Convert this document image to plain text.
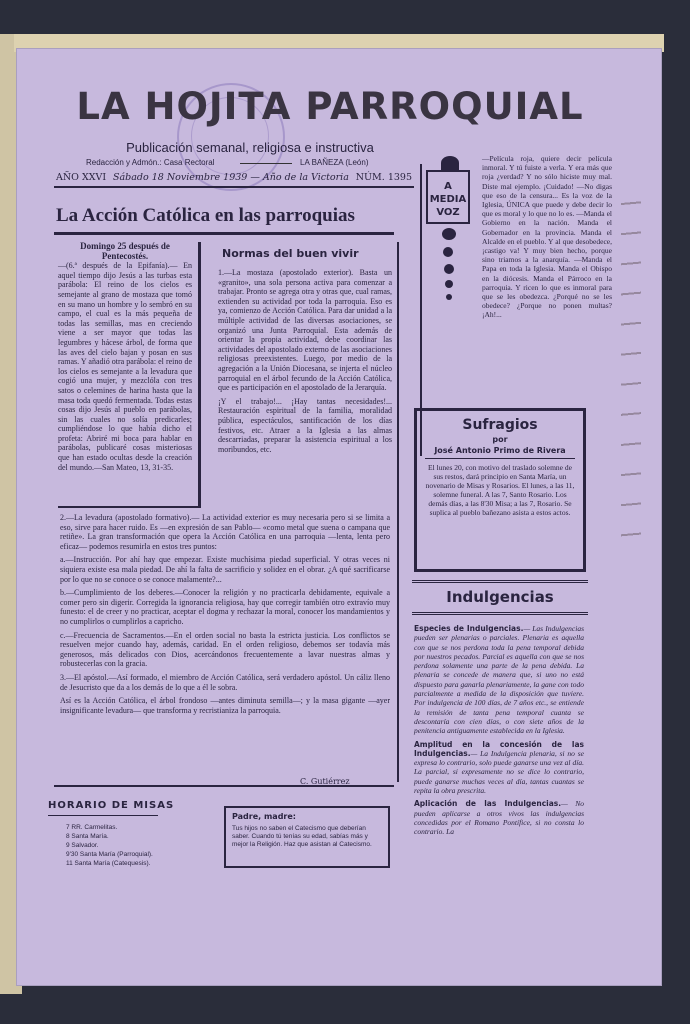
LA HOJITA PARROQUIAL
Publicación semanal, religiosa e instructiva
Redacción y Admón.: Casa Rectoral	LA BAÑEZA (León)
AÑO XXVI Sábado 18 Noviembre 1939 — Año de la Victoria NÚM. 1395
La Acción Católica en las parroquias

Domingo 25 después de Pentecostés.
—(6.ª después de la Epifanía).— En aquel tiempo dijo Jesús a las turbas esta parábola: El reino de los cielos es semejante al grano de mostaza que tomó en su mano un hombre y lo sembró en su campo, el cual es la más pequeña de todas las semillas, mas en creciendo viene a ser mayor que todas las legumbres y hácese árbol, de forma que las aves del cielo bajan y posan en sus ramas. Y añadió otra parábola: el reino de los cielos es semejante a la levadura que cogió una mujer, y mezclóla con tres satos o celemines de harina hasta que la masa toda quedó fermentada. Todas estas cosas dijo Jesús al pueblo en parábolas, sin las cuales no solía predicarles; cumpliéndose lo que había dicho el profeta: Abriré mi boca para hablar en parábolas, publicaré cosas misteriosas que han estado ocultas desde la creación del mundo.—San Mateo, 13, 31-35.

Normas del buen vivir

1.—La mostaza (apostolado exterior). Basta un «granito», una sola persona activa para comenzar a trabajar. Pronto se agrega otra y otras que, cual ramas, extienden su actividad por toda la parroquia. Eso es ya, comienzo de Acción Católica. Para dar unidad a la múltiple actividad de las diversas asociaciones, se organizó una Junta Parroquial. Esta además de orientar la propia actividad, debe coordinar las actividades del apostolado externo de las asociaciones religiosas preexistentes. Luego, por medio de la agregación a la Unión Diocesana, se injerta el núcleo parroquial en el árbol fecundo de la Acción Católica, que es participación en el apostolado de la Jerarquía.

¡Y el trabajo!... ¡Hay tantas necesidades!... Restauración espiritual de la familia, moralidad pública, espectáculos, santificación de los días festivos, etc. Atraer a la Iglesia a las almas descarriadas, preparar la asistencia espiritual a los moribundos, etc.

2.—La levadura (apostolado formativo).— La actividad exterior es muy necesaria pero si se limita a eso, sirve para hacer ruido. Es —en expresión de san Pablo— «como metal que suena o campana que retiñe». La gran transformación que opera la Acción Católica en una parroquia —lenta, lenta pero eficaz— podemos resumirla en estos tres puntos:

a.—Instrucción. Por ahí hay que empezar. Existe muchísima piedad superficial. Y otras veces ni siquiera existe esa mala piedad. De ahí la falta de sacrificio y solidez en el obrar. ¿A qué sacrificarse por lo que no se conoce o se conoce malamente?...

b.—Cumplimiento de los deberes.—Conocer la religión y no practicarla debidamente, equivale a comer pero sin digerir. Corregida la ignorancia religiosa, hay que corregir también otro extravío muy funesto: el de creer y no practicar, aceptar el dogma y rechazar la moral, conocer los mandamientos y no cumplirlos o cumplirlos a capricho.

c.—Frecuencia de Sacramentos.—En el orden social no basta la estricta justicia. Los conflictos se resuelven mejor cuando hay, además, caridad. En el orden religioso, debemos ser todavía más generosos, más delicados con Dios, acercándonos frecuentemente a lavar nuestras almas y robustecerlas con la gracia.

3.—El apóstol.—Así formado, el miembro de Acción Católica, será verdadero apóstol. Un cáliz lleno de Jesucristo que da a los demás de lo que a él le sobra.

Así es la Acción Católica, el árbol frondoso —antes diminuta semilla—; y la masa gigante —ayer insignificante levadura— que transforma y recristianiza la parroquia.

C. Gutiérrez
HORARIO DE MISAS
7 RR. Carmelitas.
8 Santa María.
9 Salvador.
9'30 Santa María (Parroquial).
11 Santa María (Catequesis).
Padre, madre:
Tus hijos no saben el Catecismo que deberían saber. Cuando tú tenías su edad, sabías más y mejor la Religión. Haz que asistan al Catecismo.
A
MEDIA
VOZ

—Película roja, quiere decir película inmoral. Y tú fuiste a verla. Y era más que roja ¿verdad? Y no sólo hiciste muy mal. Diste mal ejemplo. ¡Cuidado! —No digas que eso de la censura... Es la voz de la Iglesia, ÚNICA que puede y debe decir lo que es moral y lo que no lo es. —Manda el Gobierno en la nación. Manda el Gobernador en la provincia. Manda el Alcalde en el pueblo. Y al que desobedece, ¡castigo va! Y muy bien hecho, porque sino triamos a la anarquía. —Manda el Papa en toda la Iglesia. Manda el Obispo en la diócesis. Manda el Párroco en la parroquia. Y ricen lo que es inmoral para que se les obedezca. ¿Porqué no se les obedece? ¿Porque no ponen multas? ¡Ah!...

Sufragios
por
José Antonio Primo de Rivera

El lunes 20, con motivo del traslado solemne de sus restos, dará principio en Santa María, un novenario de Misas y Rosarios. El lunes, a las 11, solemne funeral. A las 7, Santo Rosario. Los demás días, a las 8'30 Misa; a las 7, Rosario. Se suplica al pueblo bañezano asista a estos actos.

Indulgencias

Especies de Indulgencias.— Las Indulgencias pueden ser plenarias o parciales. Plenaria es aquella con que se nos perdona toda la pena temporal debida por nuestros pecados. Parcial es aquella con que se nos perdona solamente una parte de la pena debida. La plenaria se concede de manera que, si uno no está dispuesto para ganarla plenariamente, la gane con todo parcialmente a medida de la disposición que tuviere. Por indulgencia de 100 días, de 7 años etc., se entiende la remisión de tanta pena temporal cuanta se descontaría con cien días, o con siete años de la penitencia antiguamente establecida en la Iglesia.

Amplitud en la concesión de las Indulgencias.— La Indulgencia plenaria, si no se expresa lo contrario, solo puede ganarse una vez al día. La parcial, si expresamente no se dice lo contrario, puede ganarse muchas veces al día, tantas cuantas se repita la obra prescrita.

Aplicación de las Indulgencias.— No pueden aplicarse a otros vivos las indulgencias concedidas por el Romano Pontífice, si no consta lo contrario. La
